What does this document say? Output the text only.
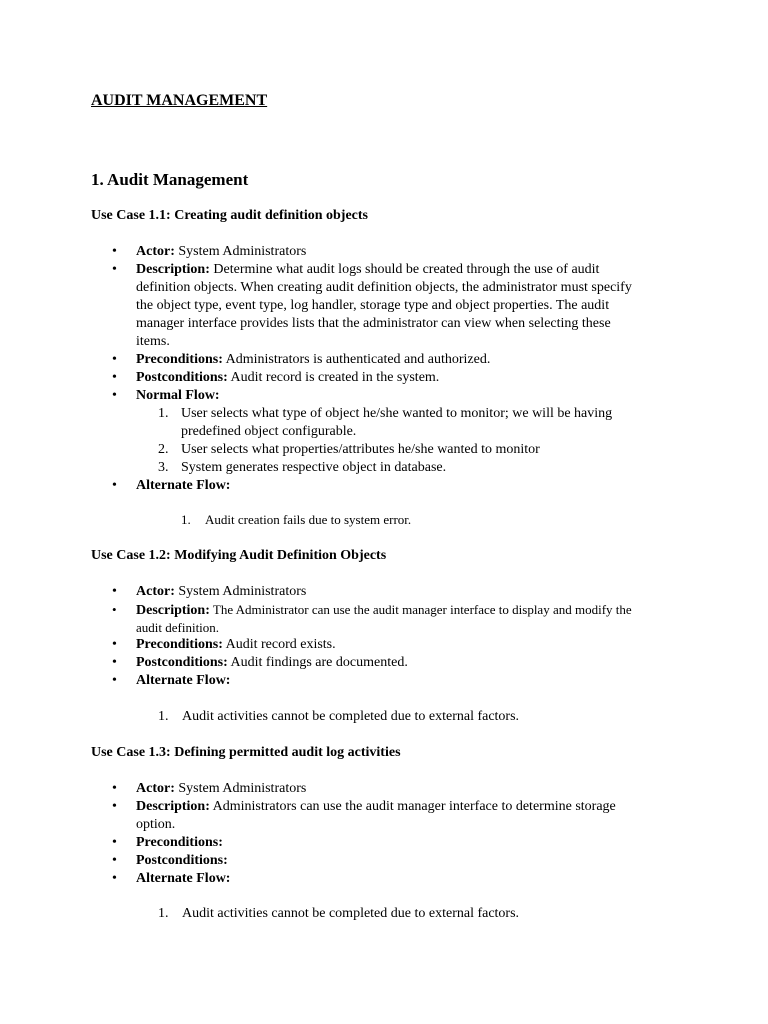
AUDIT MANAGEMENT
1. Audit Management

Use Case 1.1: Creating audit definition objects

• Actor: System Administrators
• Description: Determine what audit logs should be created through the use of audit
definition objects. When creating audit definition objects, the administrator must specify
the object type, event type, log handler, storage type and object properties. The audit
manager interface provides lists that the administrator can view when selecting these
items.
• Preconditions: Administrators is authenticated and authorized.
• Postconditions: Audit record is created in the system.
• Normal Flow:
1. User selects what type of object he/she wanted to monitor; we will be having
predefined object configurable.
2. User selects what properties/attributes he/she wanted to monitor
3. System generates respective object in database.
• Alternate Flow:
1. Audit creation fails due to system error.

Use Case 1.2: Modifying Audit Definition Objects

• Actor: System Administrators
• Description: The Administrator can use the audit manager interface to display and modify the
audit definition.
• Preconditions: Audit record exists.
• Postconditions: Audit findings are documented.
• Alternate Flow:
1. Audit activities cannot be completed due to external factors.

Use Case 1.3: Defining permitted audit log activities

• Actor: System Administrators
• Description: Administrators can use the audit manager interface to determine storage
option.
• Preconditions:
• Postconditions:
• Alternate Flow:
1. Audit activities cannot be completed due to external factors.
